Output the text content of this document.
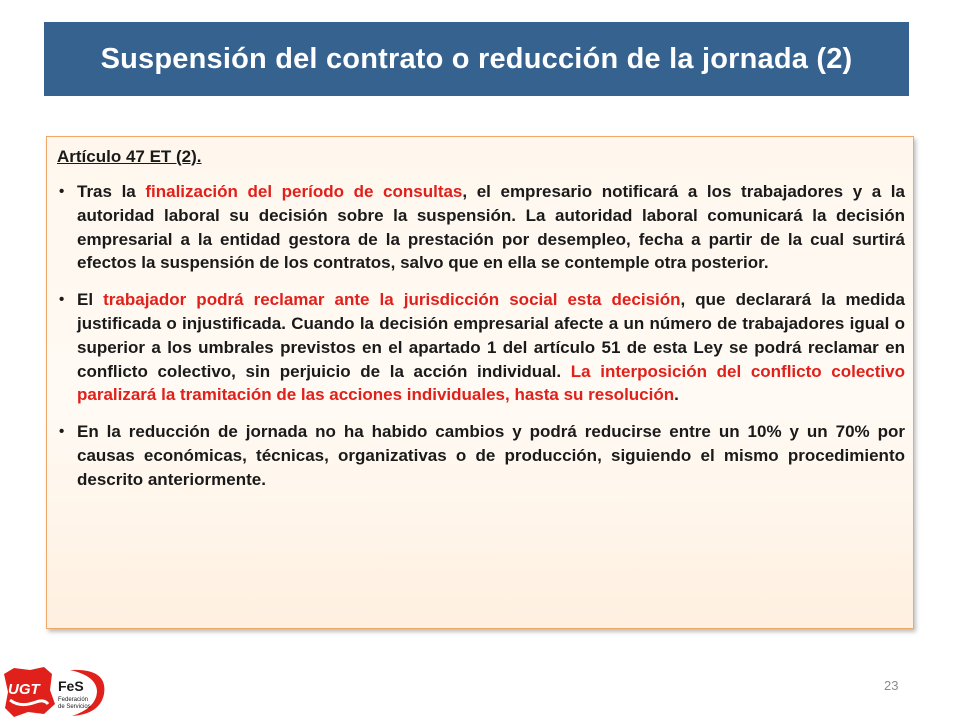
Suspensión del contrato o reducción de la jornada (2)
Artículo 47 ET (2).
• Tras la finalización del período de consultas, el empresario notificará a los trabajadores y a la autoridad laboral su decisión sobre la suspensión. La autoridad laboral comunicará la decisión empresarial a la entidad gestora de la prestación por desempleo, fecha a partir de la cual surtirá efectos la suspensión de los contratos, salvo que en ella se contemple otra posterior.
• El trabajador podrá reclamar ante la jurisdicción social esta decisión, que declarará la medida justificada o injustificada. Cuando la decisión empresarial afecte a un número de trabajadores igual o superior a los umbrales previstos en el apartado 1 del artículo 51 de esta Ley se podrá reclamar en conflicto colectivo, sin perjuicio de la acción individual. La interposición del conflicto colectivo paralizará la tramitación de las acciones individuales, hasta su resolución.
• En la reducción de jornada no ha habido cambios y podrá reducirse entre un 10% y un 70% por causas económicas, técnicas, organizativas o de producción, siguiendo el mismo procedimiento descrito anteriormente.
23
UGT FeS
Federación
de Servicios
